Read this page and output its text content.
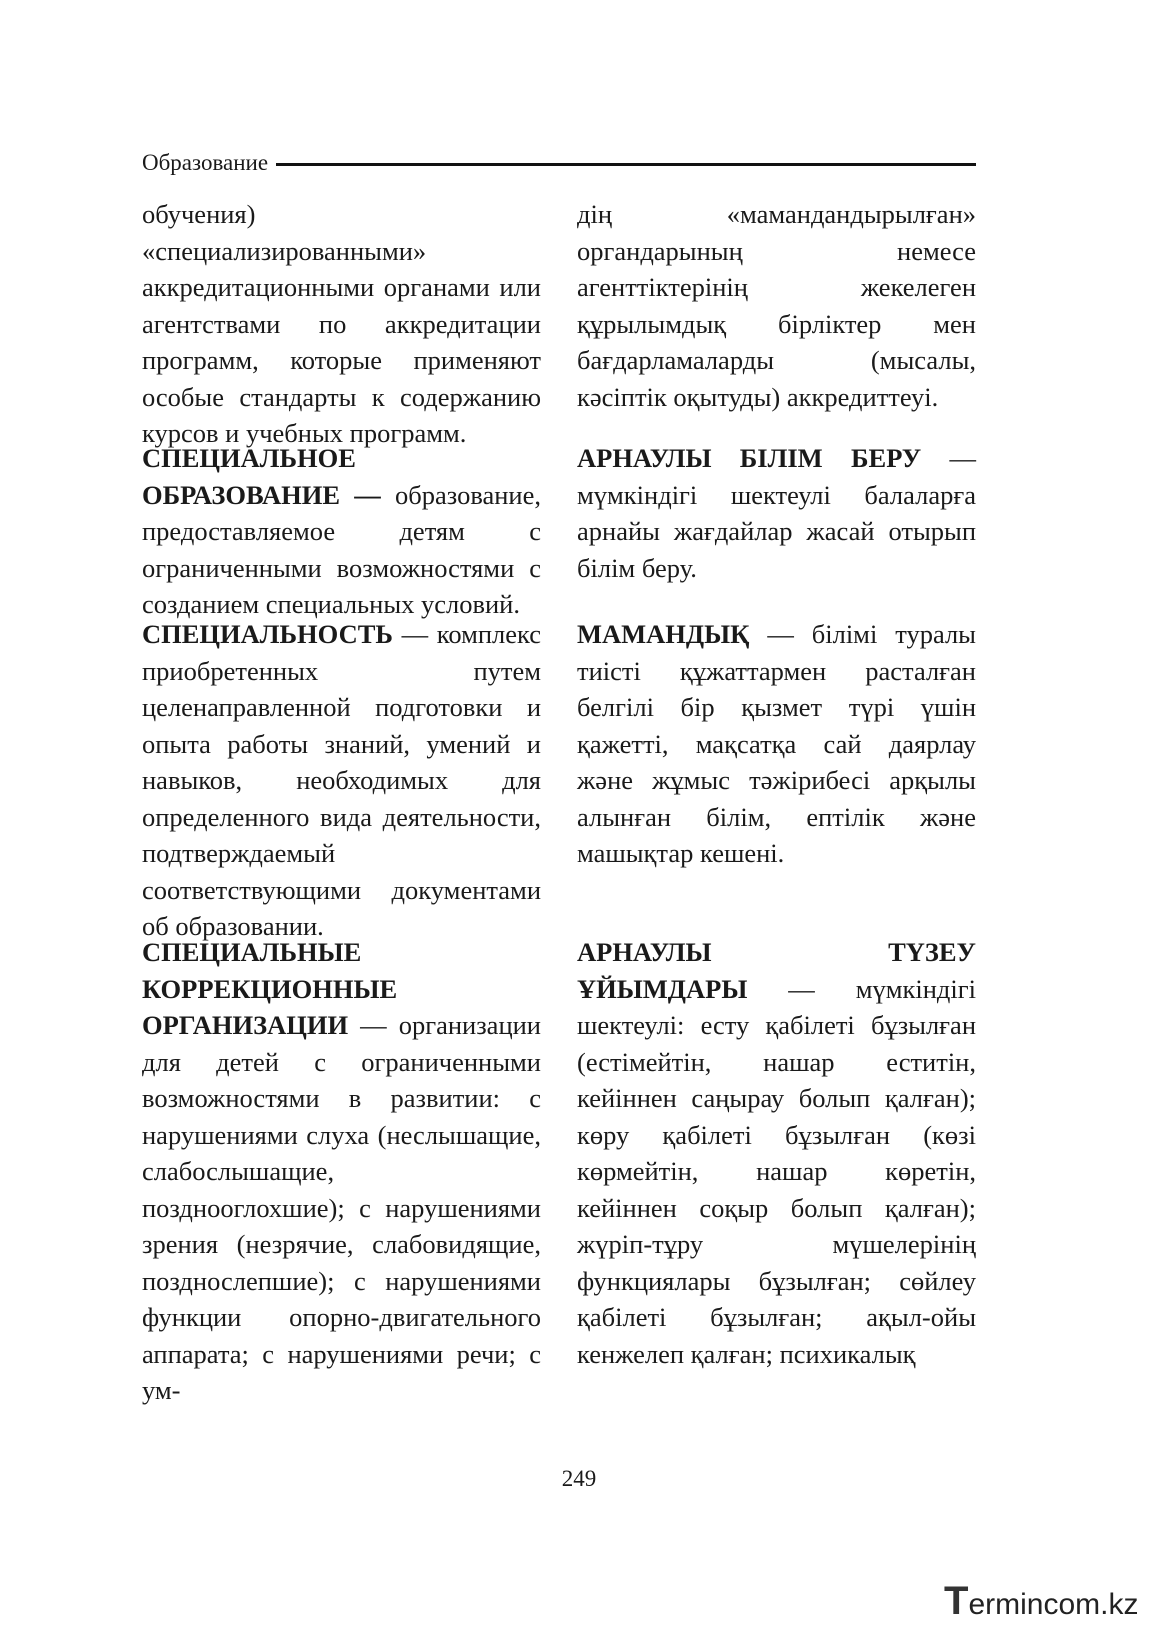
Образование

обучения) «специализированными» аккредитационными органами или агентствами по аккредитации программ, которые применяют особые стандарты к содержанию курсов и учебных программ.

СПЕЦИАЛЬНОЕ ОБРАЗОВАНИЕ — образование, предоставляемое детям с ограниченными возможностями с созданием специальных условий.

СПЕЦИАЛЬНОСТЬ — комплекс приобретенных путем целенаправленной подготовки и опыта работы знаний, умений и навыков, необходимых для определенного вида деятельности, подтверждаемый соответствующими документами об образовании.

СПЕЦИАЛЬНЫЕ КОРРЕКЦИОННЫЕ ОРГАНИЗАЦИИ — организации для детей с ограниченными возможностями в развитии: с нарушениями слуха (неслышащие, слабослышащие, позднооглохшие); с нарушениями зрения (незрячие, слабовидящие, позднослепшие); с нарушениями функции опорно-двигательного аппарата; с нарушениями речи; с ум-

дің «мамандандырылған» органдарының немесе агенттіктерінің жекелеген құрылымдық бірліктер мен бағдарламаларды (мысалы, кәсіптік оқытуды) аккредиттеуі.

АРНАУЛЫ БІЛІМ БЕРУ — мүмкіндігі шектеулі балаларға арнайы жағдайлар жасай отырып білім беру.

МАМАНДЫҚ — білімі туралы тиісті құжаттармен расталған белгілі бір қызмет түрі үшін қажетті, мақсатқа сай даярлау және жұмыс тәжірибесі арқылы алынған білім, ептілік және машықтар кешені.

АРНАУЛЫ ТҮЗЕУ ҰЙЫМДАРЫ — мүмкіндігі шектеулі: есту қабілеті бұзылған (естімейтін, нашар еститін, кейіннен саңырау болып қалған); көру қабілеті бұзылған (көзі көрмейтін, нашар көретін, кейіннен соқыр болып қалған); жүріп-тұру мүшелерінің функциялары бұзылған; сөйлеу қабілеті бұзылған; ақыл-ойы кенжелеп қалған; психикалық

249
Termincom.kz
